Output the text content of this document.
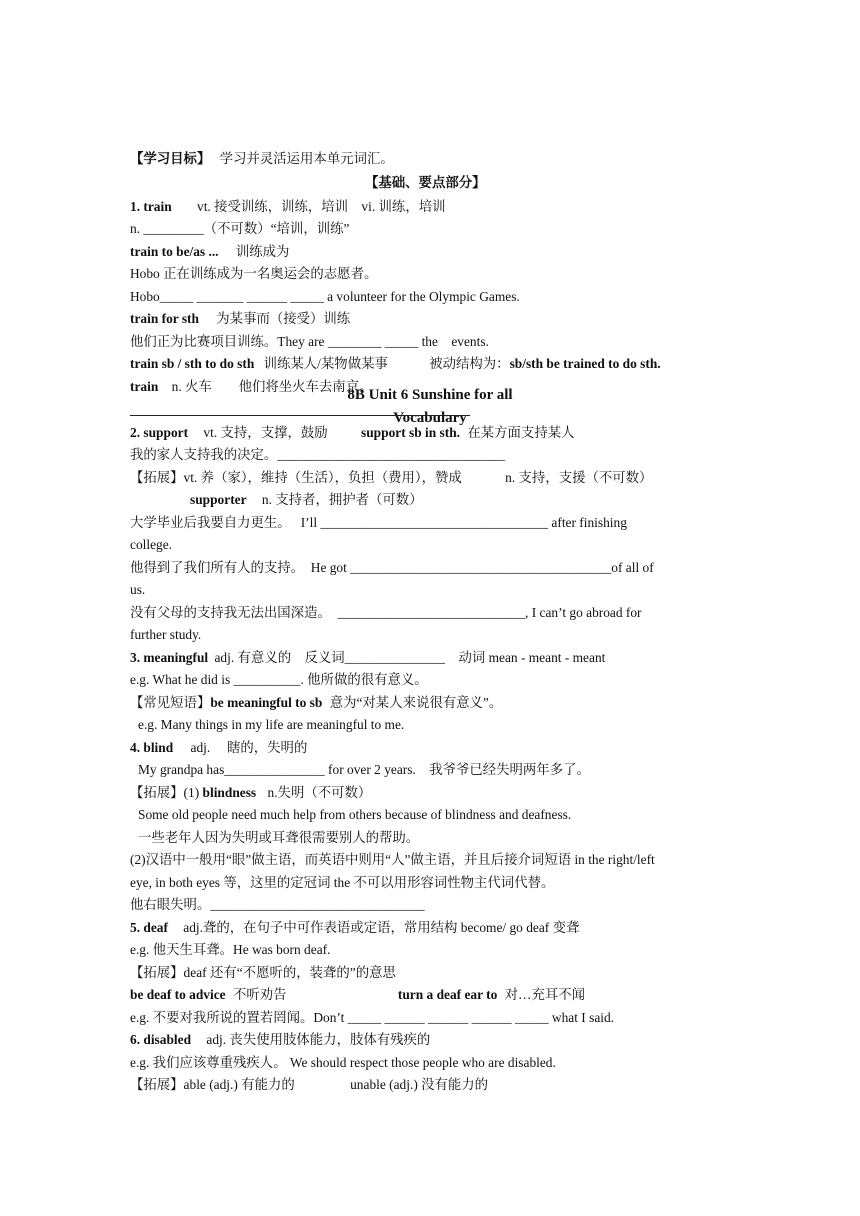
8B Unit 6 Sunshine for all
Vocabulary
【学习目标】 学习并灵活运用本单元词汇。
【基础、要点部分】
1. train vt. 接受训练，训练，培训　vi. 训练，培训
n. _________（不可数）“培训，训练”
train to be/as ... 训练成为
Hobo 正在训练成为一名奥运会的志愿者。
Hobo_____ _______ ______ _____ a volunteer for the Olympic Games.
train for sth 为某事而（接受）训练
他们正为比赛项目训练。They are ________ _____ the　events.
train sb / sth to do sth 训练某人/某物做某事	被动结构为：sb/sth be trained to do sth.
train n. 火车　　他们将坐火车去南京。
2. support vt. 支持，支撑，鼓励 support sb in sth. 在某方面支持某人
我的家人支持我的决定。__________________________________
【拓展】vt. 养（家），维持（生活），负担（费用），赞成	n. 支持，支援（不可数）
supporter n. 支持者，拥护者（可数）
大学毕业后我要自力更生。　 I’ll __________________________________ after finishing
college.
他得到了我们所有人的支持。　He got _______________________________________of all of
us.
没有父母的支持我无法出国深造。　____________________________, I can’t go abroad for
further study.
3. meaningful adj. 有意义的　反义词_______________　动词 mean - meant - meant
e.g. What he did is __________. 他所做的很有意义。
【常见短语】be meaningful to sb 意为“对某人来说很有意义”。
e.g. Many things in my life are meaningful to me.
4. blind adj.　 瞎的，失明的
My grandpa has_______________ for over 2 years.　我爷爷已经失明两年多了。
【拓展】(1) blindness n.失明（不可数）
Some old people need much help from others because of blindness and deafness.
一些老年人因为失明或耳聋很需要别人的帮助。
(2)汉语中一般用“眼”做主语，而英语中则用“人”做主语，并且后接介词短语 in the right/left
eye, in both eyes 等，这里的定冠词 the 不可以用形容词性物主代词代替。
他右眼失明。________________________________
5. deaf adj.聋的，在句子中可作表语或定语，常用结构 become/ go deaf 变聋
e.g. 他天生耳聋。He was born deaf.
【拓展】deaf 还有“不愿听的，装聋的”的意思
be deaf to advice 不听劝告	turn a deaf ear to 对…充耳不闻
e.g. 不要对我所说的置若罔闻。Don’t _____ ______ ______ ______ _____ what I said.
6. disabled adj. 丧失使用肢体能力，肢体有残疾的
e.g. 我们应该尊重残疾人。 We should respect those people who are disabled.
【拓展】able (adj.) 有能力的	unable (adj.) 没有能力的
